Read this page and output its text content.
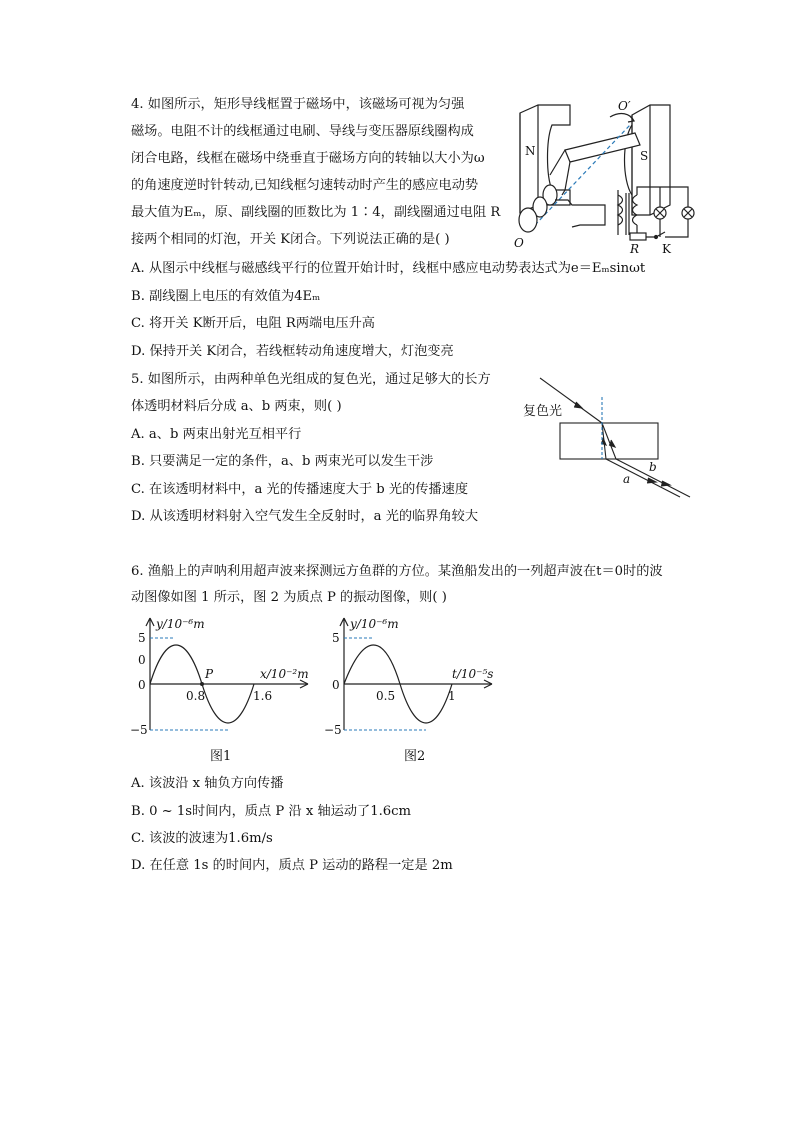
4. 如图所示，矩形导线框置于磁场中，该磁场可视为匀强
磁场。电阻不计的线框通过电刷、导线与变压器原线圈构成
闭合电路，线框在磁场中绕垂直于磁场方向的转轴以大小为ω
的角速度逆时针转动,已知线框匀速转动时产生的感应电动势
最大值为Eₘ，原、副线圈的匝数比为 1∶4，副线圈通过电阻 R
接两个相同的灯泡，开关 K闭合。下列说法正确的是( )
A. 从图示中线框与磁感线平行的位置开始计时，线框中感应电动势表达式为e＝Eₘsinωt
B. 副线圈上电压的有效值为4Eₘ
C. 将开关 K断开后，电阻 R两端电压升高
D. 保持开关 K闭合，若线框转动角速度增大，灯泡变亮
N	S
O
O′
R K
5. 如图所示，由两种单色光组成的复色光，通过足够大的长方
体透明材料后分成 a、b 两束，则( )
A. a、b 两束出射光互相平行
B. 只要满足一定的条件，a、b 两束光可以发生干涉
C. 在该透明材料中，a 光的传播速度大于 b 光的传播速度
D. 从该透明材料射入空气发生全反射时，a 光的临界角较大
复色光
a
b
6. 渔船上的声呐利用超声波来探测远方鱼群的方位。某渔船发出的一列超声波在t＝0时的波
动图像如图 1 所示，图 2 为质点 P 的振动图像，则( )
y/10⁻⁶m
x/10⁻²m
5
0
0
−5
P
0.8	1.6
图1
y/10⁻⁶m
t/10⁻⁵s
5
0
−5
0.5	1
图2
A. 该波沿 x 轴负方向传播
B. 0 ~ 1s时间内，质点 P 沿 x 轴运动了1.6cm
C. 该波的波速为1.6m/s
D. 在任意 1s 的时间内，质点 P 运动的路程一定是 2m
